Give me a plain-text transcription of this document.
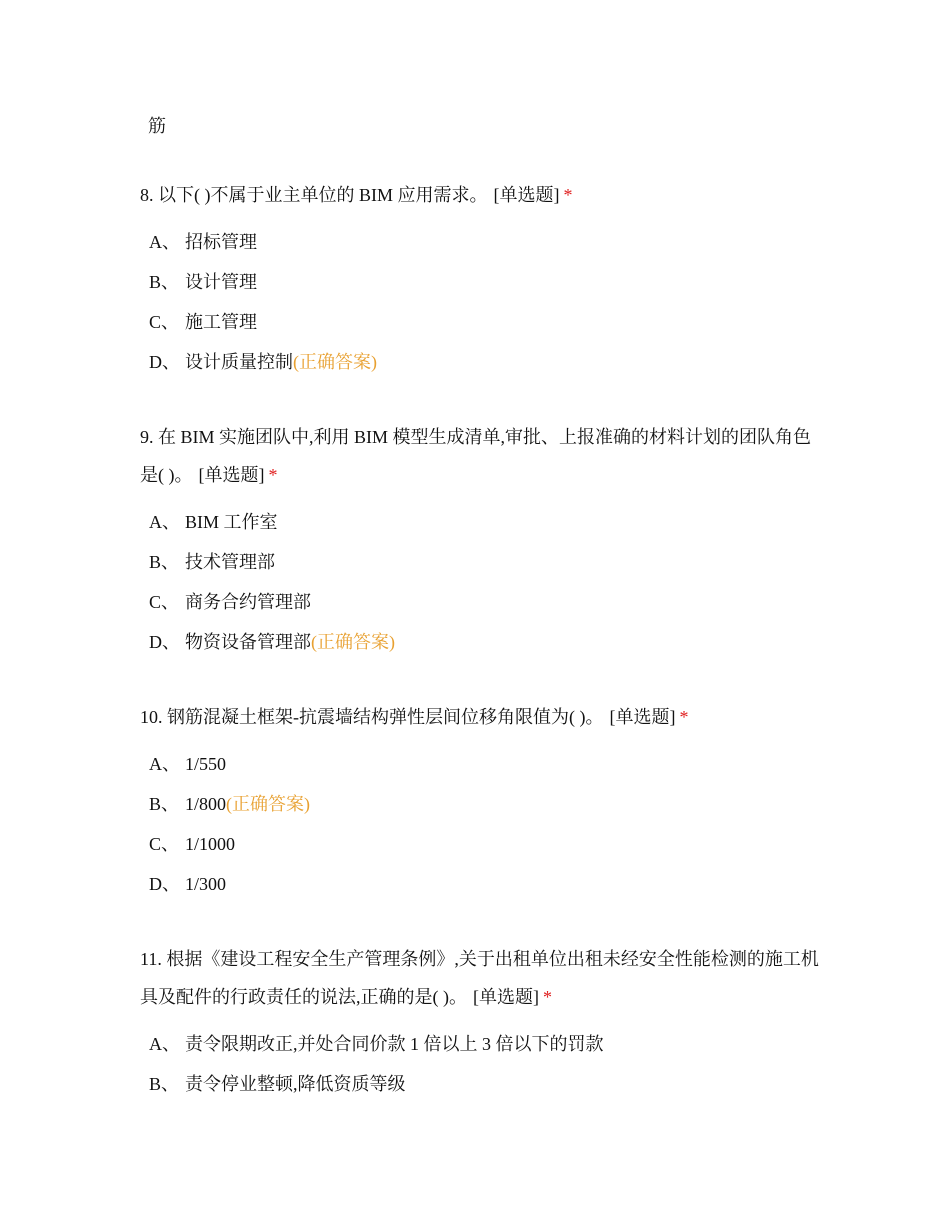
筋

8. 以下( )不属于业主单位的 BIM 应用需求。 [单选题] *

A、 招标管理
B、 设计管理
C、 施工管理
D、 设计质量控制(正确答案)

9. 在 BIM 实施团队中,利用 BIM 模型生成清单,审批、上报准确的材料计划的团队角色是( )。 [单选题] *

A、 BIM 工作室
B、 技术管理部
C、 商务合约管理部
D、 物资设备管理部(正确答案)

10. 钢筋混凝土框架-抗震墙结构弹性层间位移角限值为( )。 [单选题] *

A、 1/550
B、 1/800(正确答案)
C、 1/1000
D、 1/300

11. 根据《建设工程安全生产管理条例》,关于出租单位出租未经安全性能检测的施工机具及配件的行政责任的说法,正确的是( )。 [单选题] *

A、 责令限期改正,并处合同价款 1 倍以上 3 倍以下的罚款
B、 责令停业整顿,降低资质等级
